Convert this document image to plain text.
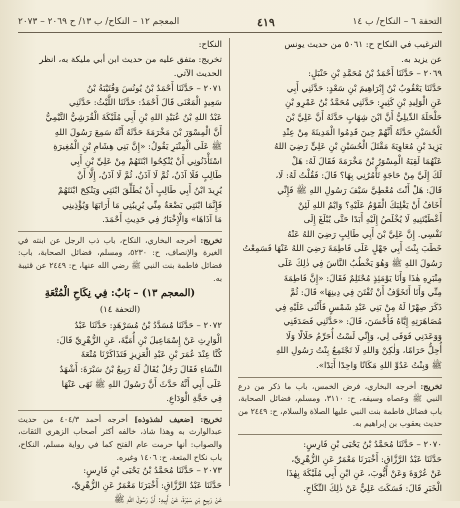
التحفة ٦ – النكاح/ ب ١٤
٤١٩
المعجم ١٢ – النكاح/ ب ١٣/ ح ٢٠٦٩ – ٢٠٧٣

الترغيب في النكاح ح: ٥٠٦١ من حديث يونس

عن يزيد به.

٢٠٦٩ – حَدَّثَنَا أَحْمَدُ بْنُ مُحَمَّدِ بْنِ حَنْبَلٍ:

حَدَّثَنَا يَعْقُوبُ بْنُ إِبْرَاهِيمَ بْنِ سَعْدٍ: حَدَّثَنِي أَبِي

عَنِ الْوَلِيدِ بْنِ كَثِيرٍ: حَدَّثَنِي مُحَمَّدُ بْنُ عَمْرِو بْنِ

حَلْحَلَةَ الدِّيلِيُّ أَنَّ ابْنَ شِهَابٍ حَدَّثَهُ أَنَّ عَلِيَّ بْنَ

الْحُسَيْنِ حَدَّثَهُ أَنَّهُمْ حِينَ قَدِمُوا الْمَدِينَةَ مِنْ عِنْدِ

يَزِيدَ بْنِ مُعَاوِيَةَ مَقْتَلَ الْحُسَيْنِ بْنِ عَلِيٍّ رَضِيَ اللهُ

عَنْهُمَا لَقِيَهُ الْمِسْوَرُ بْنُ مَخْرَمَةَ فَقَالَ لَهُ: هَلْ

لَكَ إِلَيَّ مِنْ حَاجَةٍ تَأْمُرُنِي بِهَا؟ قَالَ: فَقُلْتُ لَهُ: لَا،

قَالَ: هَلْ أَنْتَ مُعْطِيَّ سَيْفَ رَسُولِ اللهِ ﷺ فَإِنِّي

أَخَافُ أَنْ يَغْلِبَكَ الْقَوْمُ عَلَيْهِ؟ وَايْمُ اللهِ لَئِنْ

أَعْطَيْتَنِيهِ لَا يُخْلَصُ إِلَيْهِ أَبَدًا حَتَّى يُبْلَغَ إِلَى

نَفْسِي. إِنَّ عَلِيَّ بْنَ أَبِي طَالِبٍ رَضِيَ اللهُ عَنْهُ

خَطَبَ بِنْتَ أَبِي جَهْلٍ عَلَى فَاطِمَةَ رَضِيَ اللهُ عَنْهَا فَسَمِعْتُ

رَسُولَ اللهِ ﷺ وَهُوَ يَخْطُبُ النَّاسَ فِي ذٰلِكَ عَلَى

مِنْبَرِهِ هٰذَا وَأَنَا يَوْمَئِذٍ مُحْتَلِمٌ فَقَالَ: «إِنَّ فَاطِمَةَ

مِنِّي وَأَنَا أَتَخَوَّفُ أَنْ تُفْتَنَ فِي دِينِهَا» قَالَ: ثُمَّ

ذَكَرَ صِهْرًا لَهُ مِنْ بَنِي عَبْدِ شَمْسٍ فَأَثْنَى عَلَيْهِ فِي

مُصَاهَرَتِهِ إِيَّاهُ فَأَحْسَنَ، قَالَ: «حَدَّثَنِي فَصَدَقَنِي

وَوَعَدَنِي فَوَفَى لِي، وَإِنِّي لَسْتُ أُحَرِّمُ حَلَالًا وَلَا

أُحِلُّ حَرَامًا، وَلٰكِنْ وَاللهِ لَا تَجْتَمِعُ بِنْتُ رَسُولِ اللهِ

ﷺ وَبِنْتُ عَدُوِّ اللهِ مَكَانًا وَاحِدًا أَبَدًا».

تخريج: أخرجه البخاري، فرض الخمس، باب ما ذكر من درع النبي ﷺ وعصاه وسيفه، ح: ٣١١٠، ومسلم، فضائل الصحابة، باب فضائل فاطمة بنت النبي عليها الصلاة والسلام، ح: ٢٤٤٩ من حديث يعقوب بن إبراهيم به.

٢٠٧٠ – حَدَّثَنَا مُحَمَّدُ بْنُ يَحْيَى بْنِ فَارِسٍ:

حَدَّثَنَا عَبْدُ الرَّزَّاقِ: أَخْبَرَنَا مَعْمَرٌ عَنِ الزُّهْرِيِّ،

عَنْ عُرْوَةَ وَعَنْ أَيُّوبَ، عَنِ ابْنِ أَبِي مُلَيْكَةَ بِهٰذَا

الْخَبَرِ قَالَ: فَسَكَتَ عَلِيٌّ عَنْ ذٰلِكَ النِّكَاحِ.

النكاح:

تخريج: متفق عليه من حديث ابن أبي مليكة به، انظر

الحديث الآتي.

٢٠٧١ – حَدَّثَنَا أَحْمَدُ بْنُ يُونُسَ وَقُتَيْبَةُ بْنُ

سَعِيدٍ الْمَعْنَى قَالَ أَحْمَدُ: حَدَّثَنَا اللَّيْثُ: حَدَّثَنِي

عَبْدُ اللهِ بْنُ عُبَيْدِ اللهِ بْنِ أَبِي مُلَيْكَةَ الْقُرَشِيُّ التَّيْمِيُّ

أَنَّ الْمِسْوَرَ بْنَ مَخْرَمَةَ حَدَّثَهُ أَنَّهُ سَمِعَ رَسُولَ اللهِ

ﷺ عَلَى الْمِنْبَرِ يَقُولُ: «إِنَّ بَنِي هِشَامِ بْنِ الْمُغِيرَةِ

اسْتَأْذَنُونِي أَنْ يُنْكِحُوا ابْنَتَهُمْ مِنْ عَلِيِّ بْنِ أَبِي

طَالِبٍ فَلَا آذَنُ، ثُمَّ لَا آذَنُ، ثُمَّ لَا آذَنُ، إِلَّا أَنْ

يُرِيدَ ابْنُ أَبِي طَالِبٍ أَنْ يُطَلِّقَ ابْنَتِي وَيَنْكِحَ ابْنَتَهُمْ

فَإِنَّمَا ابْنَتِي بَضْعَةٌ مِنِّي يُرِيبُنِي مَا أَرَابَهَا وَيُؤْذِينِي

مَا آذَاهَا» وَالْإِخْبَارُ فِي حَدِيثِ أَحْمَدَ.

تخريج: أخرجه البخاري، النكاح، باب ذب الرجل عن ابنته في الغيرة والإنصاف، ح: ٥٢٣٠، ومسلم، فضائل الصحابة، باب: فضائل فاطمة بنت النبي ﷺ رضي الله عنها، ح: ٢٤٤٩ عن قتيبة به.

(المعجم ١٣) – بَابٌ: فِي نِكَاحِ الْمُتْعَةِ
(التحفة ١٤)

٢٠٧٢ – حَدَّثَنَا مُسَدَّدُ بْنُ مُسَرْهَدٍ: حَدَّثَنَا عَبْدُ

الْوَارِثِ عَنْ إِسْمَاعِيلَ بْنِ أُمَيَّةَ، عَنِ الزُّهْرِيِّ قَالَ:

كُنَّا عِنْدَ عُمَرَ بْنِ عَبْدِ الْعَزِيزِ فَتَذَاكَرْنَا مُتْعَةَ

النِّسَاءِ فَقَالَ رَجُلٌ يُقَالُ لَهُ رَبِيعُ بْنُ سَبْرَةَ: أَشْهَدُ

عَلَى أَبِي أَنَّهُ حَدَّثَ أَنَّ رَسُولَ اللهِ ﷺ نَهَى عَنْهَا

فِي حَجَّةِ الْوَدَاعِ.

تخريج: [ضعيف لشذوذه] أخرجه أحمد ٤٠٤/٣ من حديث عبدالوارث به وهذا شاذ، خالفه أكثر أصحاب الزهري الثقات، والصواب: أنها حرمت عام الفتح كما في رواية مسلم، النكاح، باب نكاح المتعة، ح: ١٤٠٦ وغيره.

٢٠٧٣ – حَدَّثَنَا مُحَمَّدُ بْنُ يَحْيَى بْنِ فَارِسٍ:

حَدَّثَنَا عَبْدُ الرَّزَّاقِ: أَخْبَرَنَا مَعْمَرٌ عَنِ الزُّهْرِيِّ،

عَنْ رَبِيعِ بْنِ سَبْرَةَ، عَنْ أَبِيهِ: أَنَّ رَسُولَ اللهِ ﷺ
